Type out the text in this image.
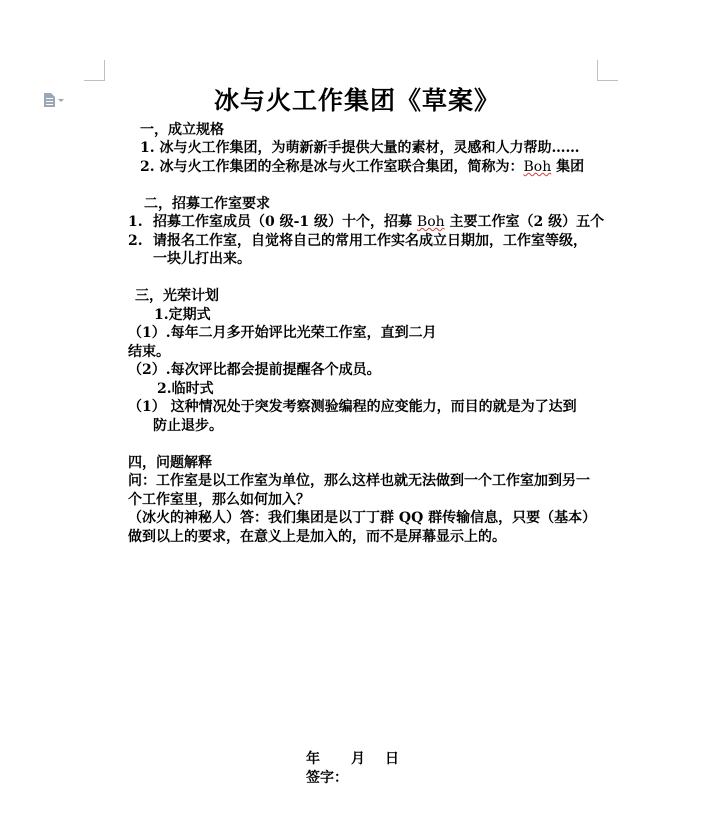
冰与火工作集团《草案》
一，成立规格
1. 冰与火工作集团，为萌新新手提供大量的素材，灵感和人力帮助……
2. 冰与火工作集团的全称是冰与火工作室联合集团，简称为：Boh 集团
二，招募工作室要求
1. 招募工作室成员（0 级-1 级）十个，招募 Boh 主要工作室（2 级）五个
2. 请报名工作室，自觉将自己的常用工作实名成立日期加，工作室等级，
一块儿打出来。
三，光荣计划
1.定期式
（1）.每年二月多开始评比光荣工作室，直到二月
结束。
（2）.每次评比都会提前提醒各个成员。
2.临时式
（1） 这种情况处于突发考察测验编程的应变能力，而目的就是为了达到
防止退步。
四，问题解释
问：工作室是以工作室为单位，那么这样也就无法做到一个工作室加到另一
个工作室里，那么如何加入？
（冰火的神秘人）答：我们集团是以丁丁群 QQ 群传输信息，只要（基本）
做到以上的要求，在意义上是加入的，而不是屏幕显示上的。
年 月 日
签字：
